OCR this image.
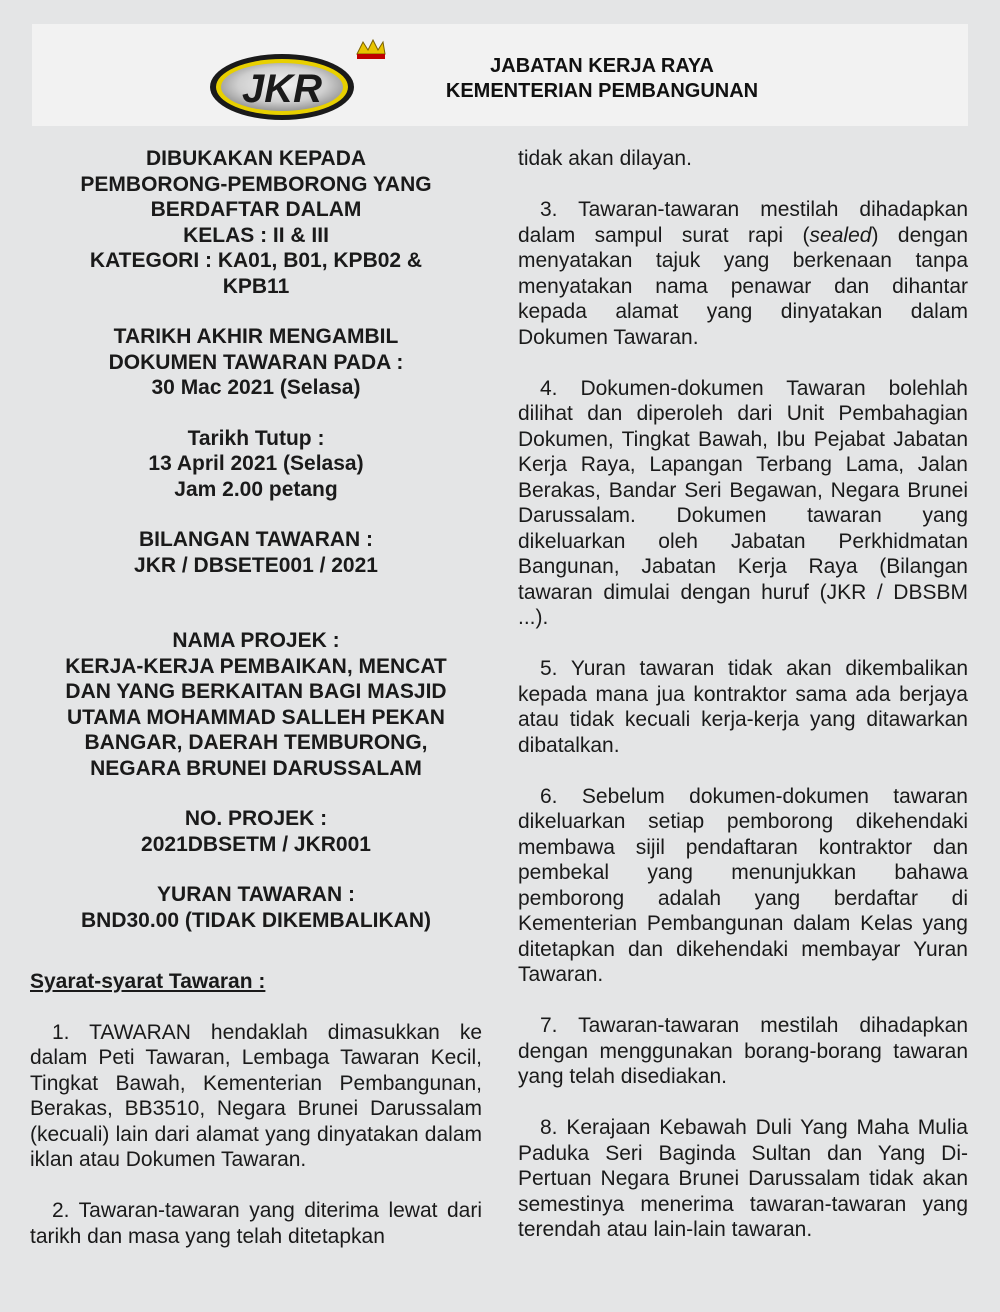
JKR
JABATAN KERJA RAYA
KEMENTERIAN PEMBANGUNAN
DIBUKAKAN KEPADA
PEMBORONG-PEMBORONG YANG
BERDAFTAR DALAM
KELAS : II & III
KATEGORI : KA01, B01, KPB02 &
KPB11
TARIKH AKHIR MENGAMBIL
DOKUMEN TAWARAN PADA :
30 Mac 2021 (Selasa)
Tarikh Tutup :
13 April 2021 (Selasa)
Jam 2.00 petang
BILANGAN TAWARAN :
JKR / DBSETE001 / 2021
NAMA PROJEK :
KERJA-KERJA PEMBAIKAN, MENCAT
DAN YANG BERKAITAN BAGI MASJID
UTAMA MOHAMMAD SALLEH PEKAN
BANGAR, DAERAH TEMBURONG,
NEGARA BRUNEI DARUSSALAM
NO. PROJEK :
2021DBSETM / JKR001
YURAN TAWARAN :
BND30.00 (TIDAK DIKEMBALIKAN)
Syarat-syarat Tawaran :

1. TAWARAN hendaklah dimasukkan ke dalam Peti Tawaran, Lembaga Tawaran Kecil, Tingkat Bawah, Kementerian Pembangunan, Berakas, BB3510, Negara Brunei Darussalam (kecuali) lain dari alamat yang dinyatakan dalam iklan atau Dokumen Tawaran.

2. Tawaran-tawaran yang diterima lewat dari tarikh dan masa yang telah ditetapkan

tidak akan dilayan.

3. Tawaran-tawaran mestilah dihadapkan dalam sampul surat rapi (sealed) dengan menyatakan tajuk yang berkenaan tanpa menyatakan nama penawar dan dihantar kepada alamat yang dinyatakan dalam Dokumen Tawaran.

4. Dokumen-dokumen Tawaran bolehlah dilihat dan diperoleh dari Unit Pembahagian Dokumen, Tingkat Bawah, Ibu Pejabat Jabatan Kerja Raya, Lapangan Terbang Lama, Jalan Berakas, Bandar Seri Begawan, Negara Brunei Darussalam. Dokumen tawaran yang dikeluarkan oleh Jabatan Perkhidmatan Bangunan, Jabatan Kerja Raya (Bilangan tawaran dimulai dengan huruf (JKR / DBSBM ...).

5. Yuran tawaran tidak akan dikembalikan kepada mana jua kontraktor sama ada berjaya atau tidak kecuali kerja-kerja yang ditawarkan dibatalkan.

6. Sebelum dokumen-dokumen tawaran dikeluarkan setiap pemborong dikehendaki membawa sijil pendaftaran kontraktor dan pembekal yang menunjukkan bahawa pemborong adalah yang berdaftar di Kementerian Pembangunan dalam Kelas yang ditetapkan dan dikehendaki membayar Yuran Tawaran.

7. Tawaran-tawaran mestilah dihadapkan dengan menggunakan borang-borang tawaran yang telah disediakan.

8. Kerajaan Kebawah Duli Yang Maha Mulia Paduka Seri Baginda Sultan dan Yang Di-Pertuan Negara Brunei Darussalam tidak akan semestinya menerima tawaran-tawaran yang terendah atau lain-lain tawaran.
